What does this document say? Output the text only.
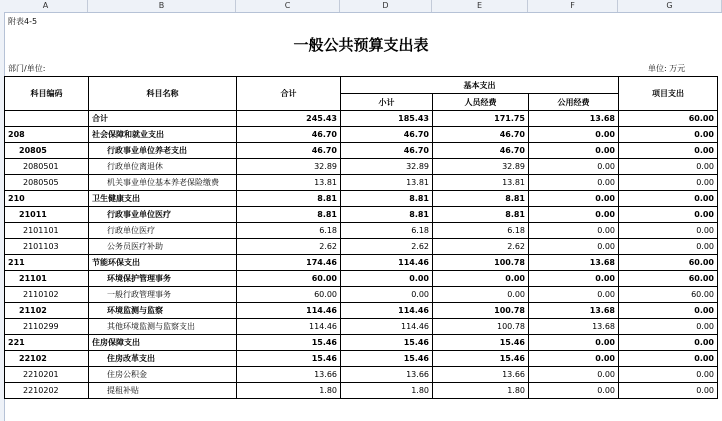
A	B	C	D	E	F	G
附表4-5
一般公共预算支出表
部门/单位:	单位: 万元
科目编码	科目名称	合计	基本支出			项目支出
			小计	人员经费	公用经费	
	合计	245.43	185.43	171.75	13.68	60.00
208	社会保障和就业支出	46.70	46.70	46.70	0.00	0.00
20805	行政事业单位养老支出	46.70	46.70	46.70	0.00	0.00
2080501	行政单位离退休	32.89	32.89	32.89	0.00	0.00
2080505	机关事业单位基本养老保险缴费	13.81	13.81	13.81	0.00	0.00
210	卫生健康支出	8.81	8.81	8.81	0.00	0.00
21011	行政事业单位医疗	8.81	8.81	8.81	0.00	0.00
2101101	行政单位医疗	6.18	6.18	6.18	0.00	0.00
2101103	公务员医疗补助	2.62	2.62	2.62	0.00	0.00
211	节能环保支出	174.46	114.46	100.78	13.68	60.00
21101	环境保护管理事务	60.00	0.00	0.00	0.00	60.00
2110102	一般行政管理事务	60.00	0.00	0.00	0.00	60.00
21102	环境监测与监察	114.46	114.46	100.78	13.68	0.00
2110299	其他环境监测与监察支出	114.46	114.46	100.78	13.68	0.00
221	住房保障支出	15.46	15.46	15.46	0.00	0.00
22102	住房改革支出	15.46	15.46	15.46	0.00	0.00
2210201	住房公积金	13.66	13.66	13.66	0.00	0.00
2210202	提租补贴	1.80	1.80	1.80	0.00	0.00
